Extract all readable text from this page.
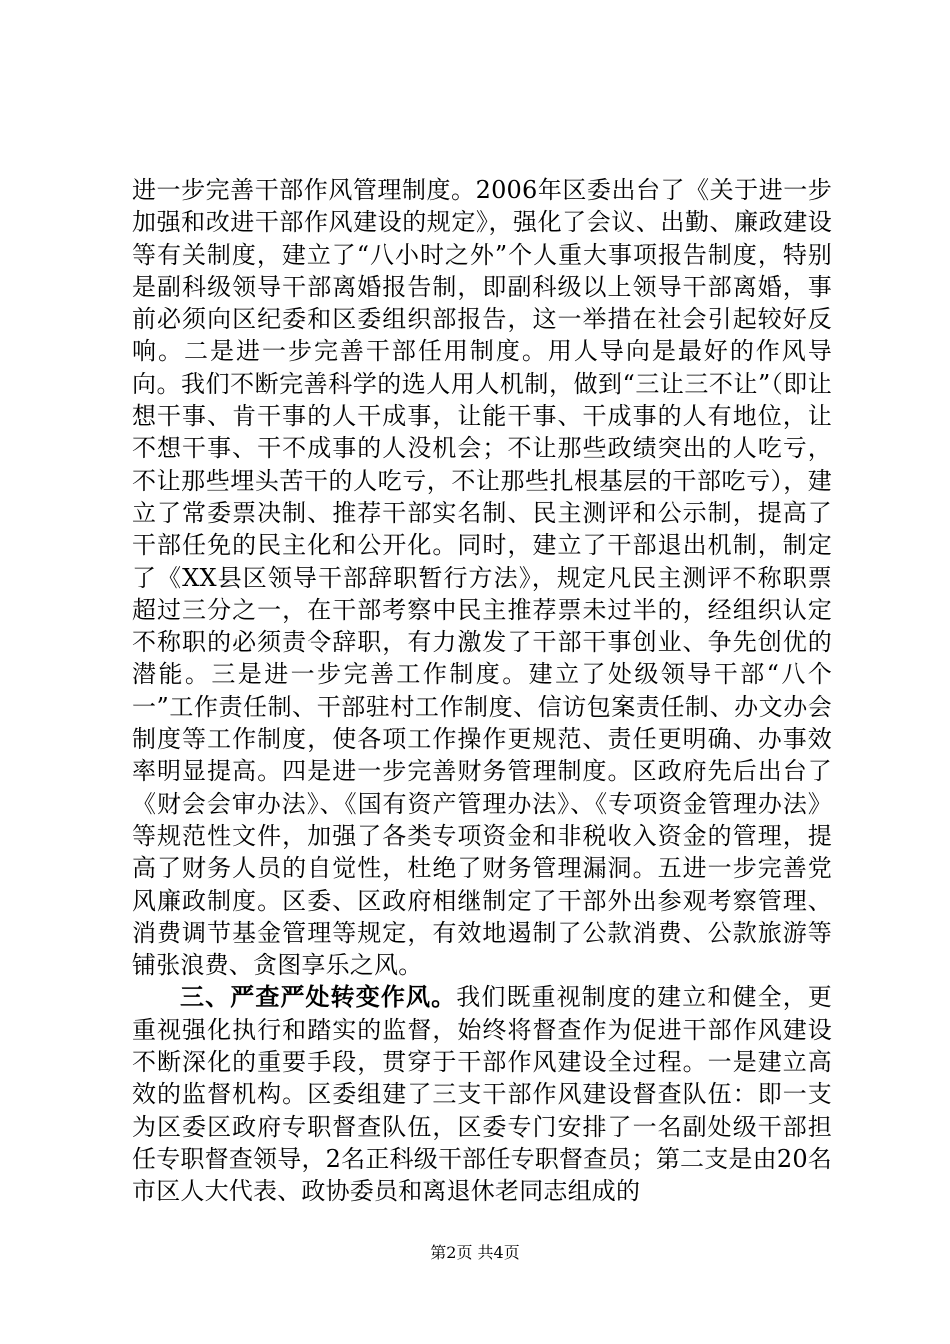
进一步完善干部作风管理制度。2006年区委出台了《关于进一步加强和改进干部作风建设的规定》，强化了会议、出勤、廉政建设等有关制度，建立了“八小时之外”个人重大事项报告制度，特别是副科级领导干部离婚报告制，即副科级以上领导干部离婚，事前必须向区纪委和区委组织部报告，这一举措在社会引起较好反响。二是进一步完善干部任用制度。用人导向是最好的作风导向。我们不断完善科学的选人用人机制，做到“三让三不让”（即让想干事、肯干事的人干成事，让能干事、干成事的人有地位，让不想干事、干不成事的人没机会；不让那些政绩突出的人吃亏，不让那些埋头苦干的人吃亏，不让那些扎根基层的干部吃亏），建立了常委票决制、推荐干部实名制、民主测评和公示制，提高了干部任免的民主化和公开化。同时，建立了干部退出机制，制定了《XX县区领导干部辞职暂行方法》，规定凡民主测评不称职票超过三分之一，在干部考察中民主推荐票未过半的，经组织认定不称职的必须责令辞职，有力激发了干部干事创业、争先创优的潜能。三是进一步完善工作制度。建立了处级领导干部“八个一”工作责任制、干部驻村工作制度、信访包案责任制、办文办会制度等工作制度，使各项工作操作更规范、责任更明确、办事效率明显提高。四是进一步完善财务管理制度。区政府先后出台了《财会会审办法》、《国有资产管理办法》、《专项资金管理办法》等规范性文件，加强了各类专项资金和非税收入资金的管理，提高了财务人员的自觉性，杜绝了财务管理漏洞。五进一步完善党风廉政制度。区委、区政府相继制定了干部外出参观考察管理、消费调节基金管理等规定，有效地遏制了公款消费、公款旅游等铺张浪费、贪图享乐之风。

三、严查严处转变作风。我们既重视制度的建立和健全，更重视强化执行和踏实的监督，始终将督查作为促进干部作风建设不断深化的重要手段，贯穿于干部作风建设全过程。一是建立高效的监督机构。区委组建了三支干部作风建设督查队伍：即一支为区委区政府专职督查队伍，区委专门安排了一名副处级干部担任专职督查领导，2名正科级干部任专职督查员；第二支是由20名市区人大代表、政协委员和离退休老同志组成的

第2页 共4页
